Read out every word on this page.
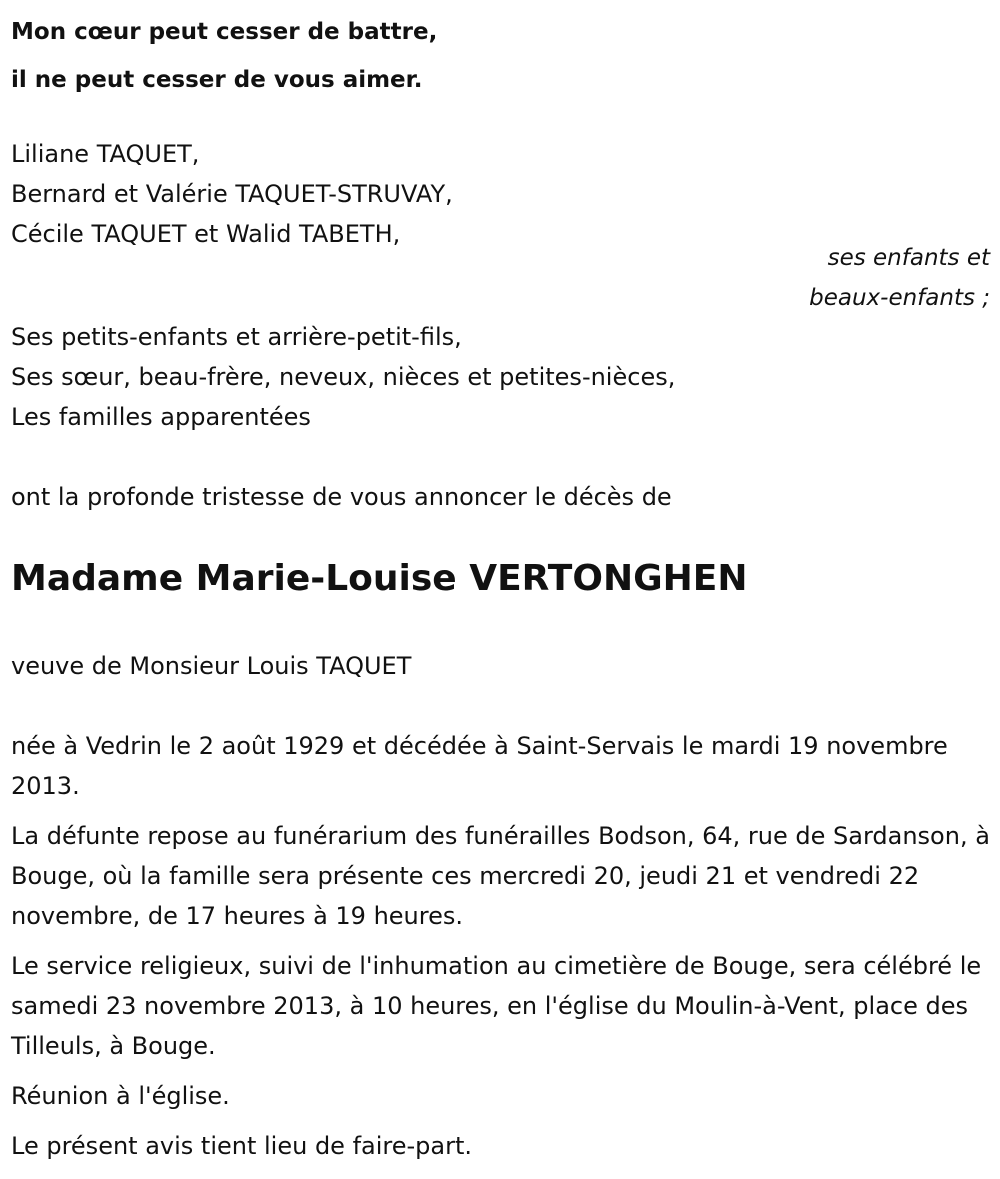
Mon cœur peut cesser de battre,
il ne peut cesser de vous aimer.
Liliane TAQUET,
Bernard et Valérie TAQUET-STRUVAY,
Cécile TAQUET et Walid TABETH,
ses enfants et
beaux-enfants ;
Ses petits-enfants et arrière-petit-fils,
Ses sœur, beau-frère, neveux, nièces et petites-nièces,
Les familles apparentées
ont la profonde tristesse de vous annoncer le décès de
Madame Marie-Louise VERTONGHEN
veuve de Monsieur Louis TAQUET

née à Vedrin le 2 août 1929 et décédée à Saint-Servais le mardi 19 novembre 2013.

La défunte repose au funérarium des funérailles Bodson, 64, rue de Sardanson, à Bouge, où la famille sera présente ces mercredi 20, jeudi 21 et vendredi 22 novembre, de 17 heures à 19 heures.

Le service religieux, suivi de l'inhumation au cimetière de Bouge, sera célébré le samedi 23 novembre 2013, à 10 heures, en l'église du Moulin-à-Vent, place des Tilleuls, à Bouge.

Réunion à l'église.

Le présent avis tient lieu de faire-part.
